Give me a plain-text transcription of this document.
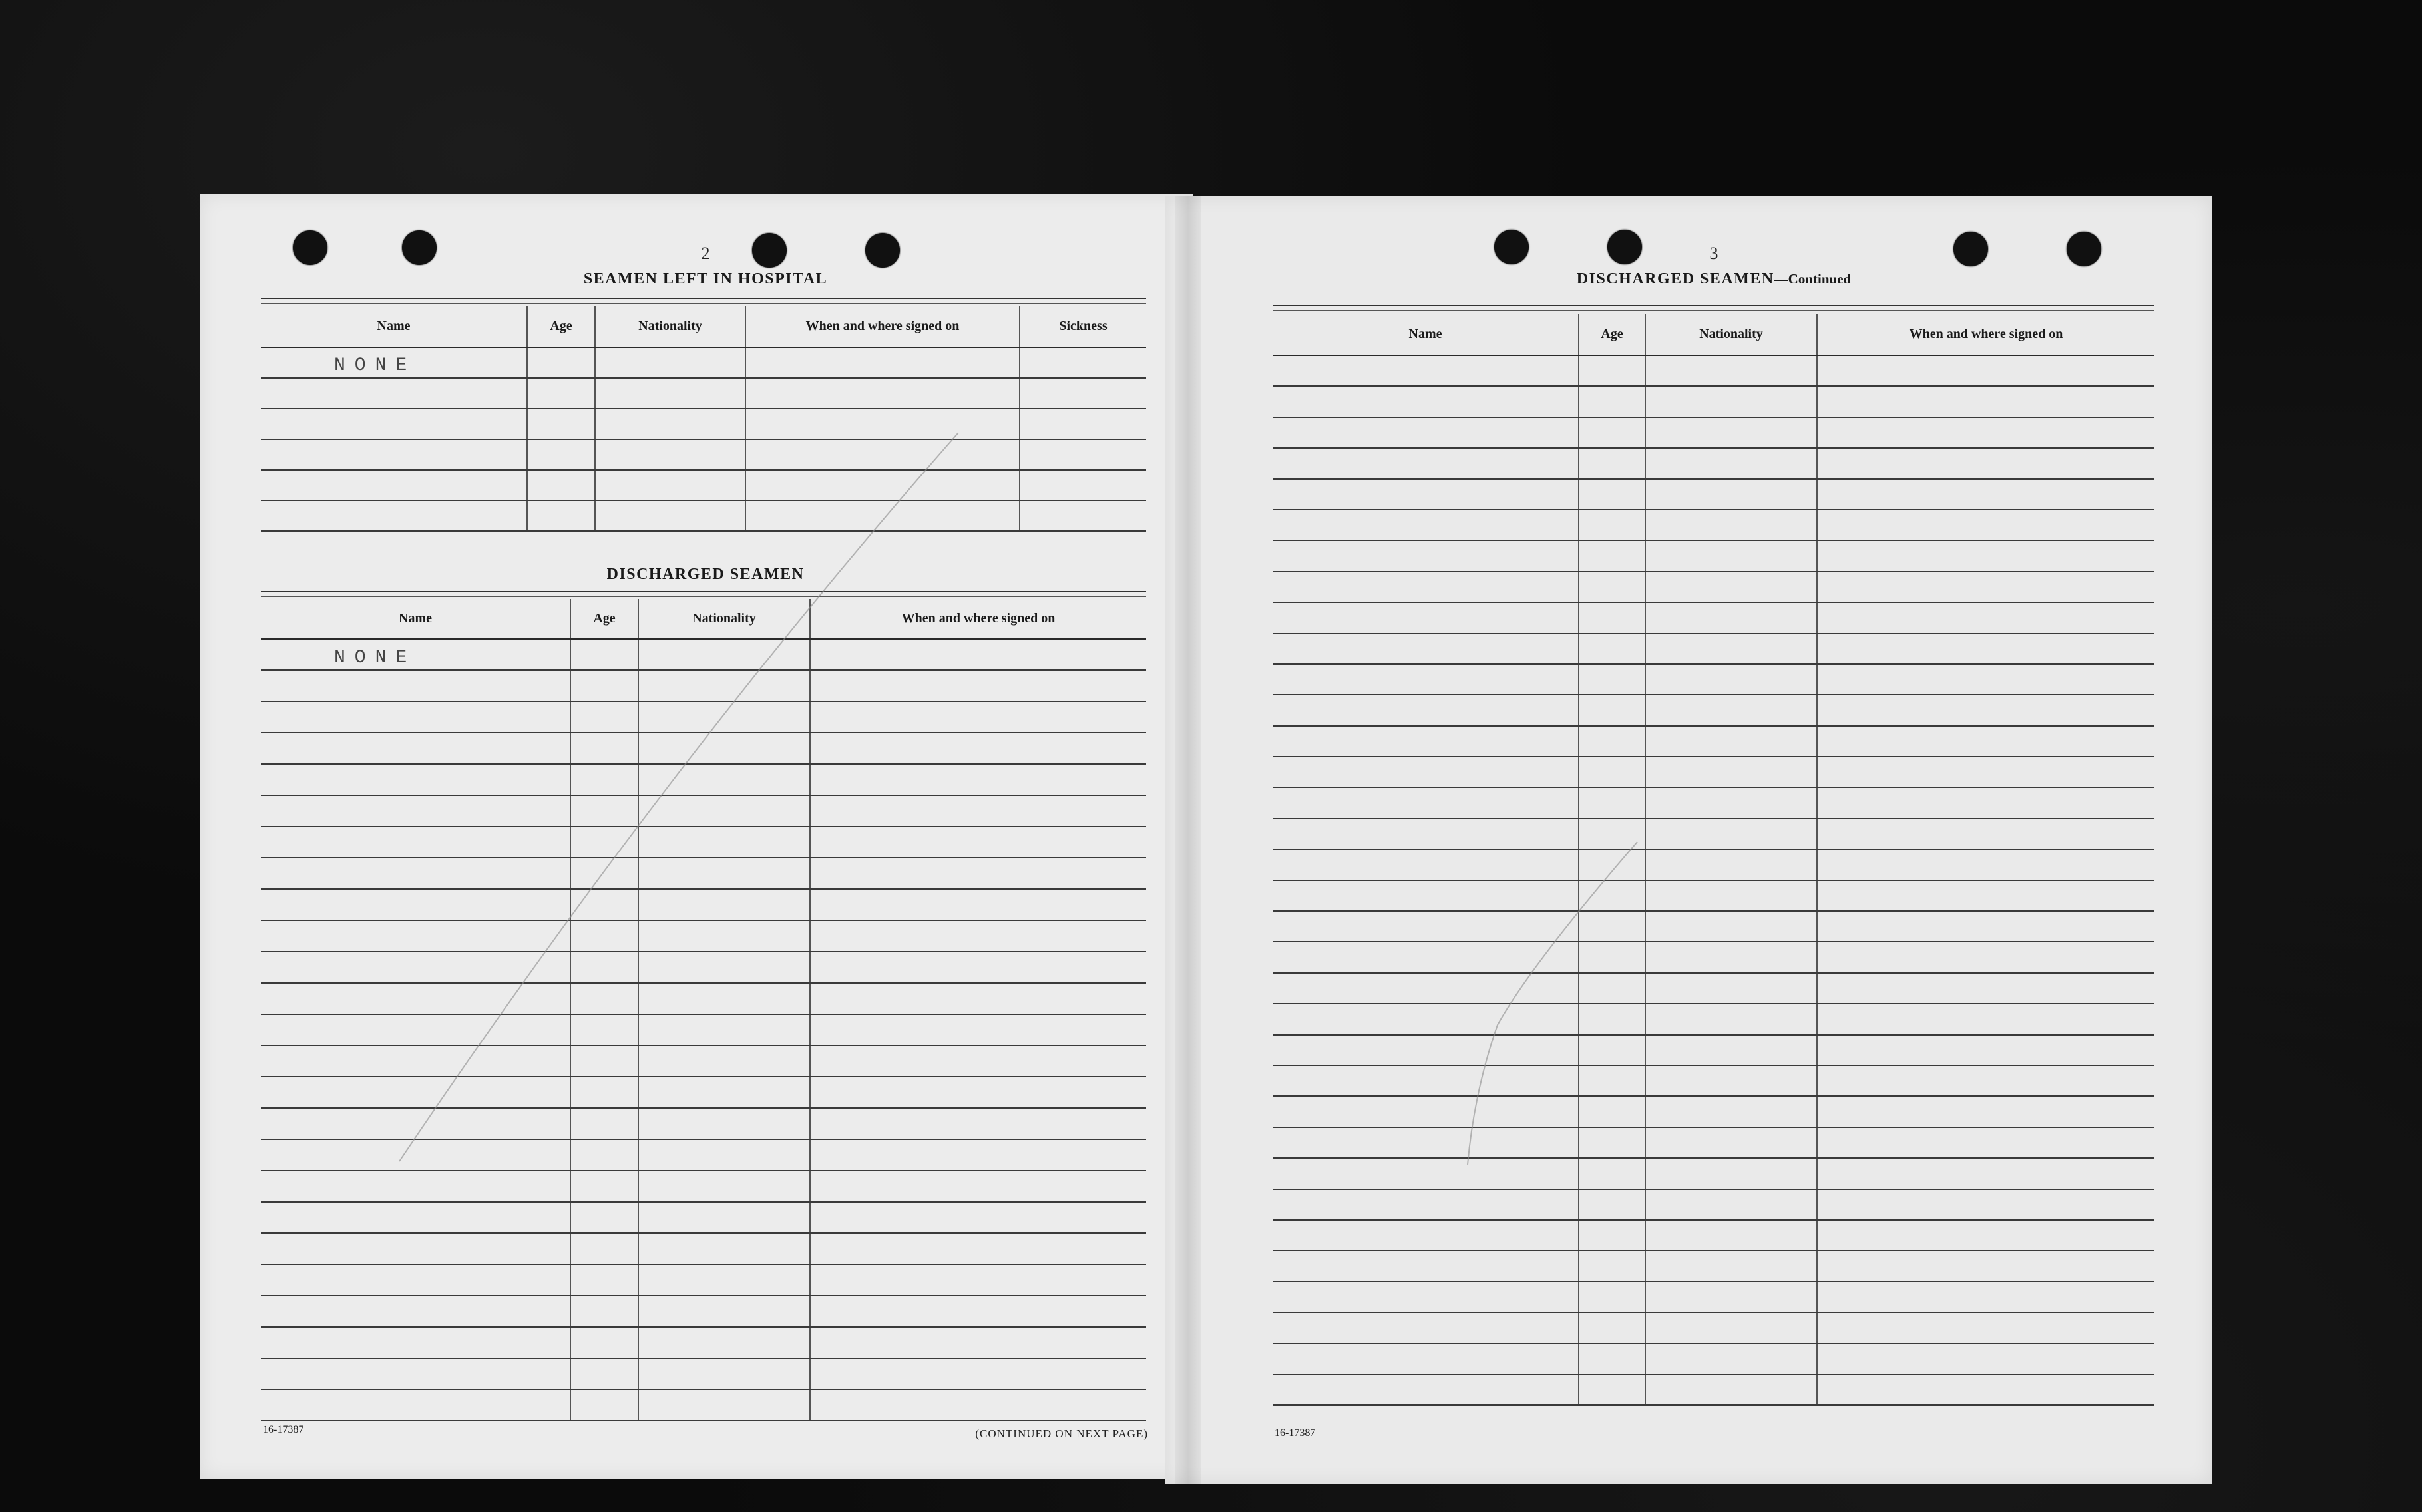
2
SEAMEN LEFT IN HOSPITAL
Name	Age	Nationality	When and where signed on	Sickness

NONE				

DISCHARGED SEAMEN
Name	Age	Nationality	When and where signed on

NONE			

16-17387	(CONTINUED ON NEXT PAGE)
3
DISCHARGED SEAMEN—Continued
Name	Age	Nationality	When and where signed on

16-17387
